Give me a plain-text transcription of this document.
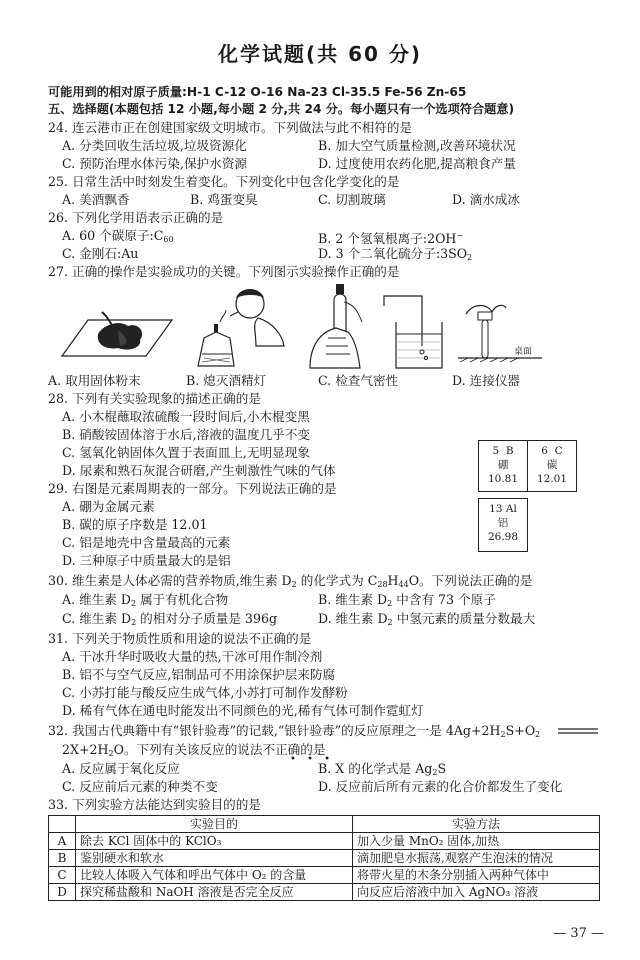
化学试题(共 60 分)
可能用到的相对原子质量:H-1 C-12 O-16 Na-23 Cl-35.5 Fe-56 Zn-65
五、选择题(本题包括 12 小题,每小题 2 分,共 24 分。每小题只有一个选项符合题意)
24. 连云港市正在创建国家级文明城市。下列做法与此不相符的是
A. 分类回收生活垃圾,垃圾资源化	B. 加大空气质量检测,改善环境状况
C. 预防治理水体污染,保护水资源	D. 过度使用农药化肥,提高粮食产量
25. 日常生活中时刻发生着变化。下列变化中包含化学变化的是
A. 美酒飘香	B. 鸡蛋变臭	C. 切割玻璃	D. 滴水成冰
26. 下列化学用语表示正确的是
A. 60 个碳原子$:C_{60}$	B. 2 个氢氧根离子:2OH−
C. 金刚石:Au	D. 3 个二氧化硫分子$:3SO_2$
27. 正确的操作是实验成功的关键。下列图示实验操作正确的是
桌面
A. 取用固体粉末	B. 熄灭酒精灯	C. 检查气密性	D. 连接仪器
28. 下列有关实验现象的描述正确的是
A. 小木棍蘸取浓硫酸一段时间后,小木棍变黑
B. 硝酸铵固体溶于水后,溶液的温度几乎不变
C. 氢氧化钠固体久置于表面皿上,无明显现象
D. 尿素和熟石灰混合研磨,产生刺激性气味的气体
5 B
硼
10.81
6 C
碳
12.01
13 Al
铝
26.98
29. 右图是元素周期表的一部分。下列说法正确的是
A. 硼为金属元素
B. 碳的原子序数是 12.01
C. 铝是地壳中含量最高的元素
D. 三种原子中质量最大的是铝
30. 维生素是人体必需的营养物质,维生素 $D_2$ 的化学式为 $C_{28}H_{44}O$。下列说法正确的是
A. 维生素 $D_2$ 属于有机化合物	B. 维生素 $D_2$ 中含有 73 个原子
C. 维生素 $D_2$ 的相对分子质量是 396g	D. 维生素 $D_2$ 中氢元素的质量分数最大
31. 下列关于物质性质和用途的说法不正确的是
A. 干冰升华时吸收大量的热,干冰可用作制冷剂
B. 铝不与空气反应,铝制品可不用涂保护层来防腐
C. 小苏打能与酸反应生成气体,小苏打可制作发酵粉
D. 稀有气体在通电时能发出不同颜色的光,稀有气体可制作霓虹灯
32. 我国古代典籍中有“银针验毒”的记载,“银针验毒”的反应原理之一是 $4Ag+2H_2S+O_2$
$2X+2H_2O$。下列有关该反应的说法不正确的是
• • •
A. 反应属于氧化反应	B. X 的化学式是 $Ag_2S$
C. 反应前后元素的种类不变	D. 反应前后所有元素的化合价都发生了变化
33. 下列实验方法能达到实验目的的是
	实验目的	实验方法
A	除去 KCl 固体中的 KClO₃	加入少量 MnO₂ 固体,加热
B	鉴别硬水和软水	滴加肥皂水振荡,观察产生泡沫的情况
C	比较人体吸入气体和呼出气体中 O₂ 的含量	将带火星的木条分别插入两种气体中
D	探究稀盐酸和 NaOH 溶液是否完全反应	向反应后溶液中加入 AgNO₃ 溶液
— 37 —
